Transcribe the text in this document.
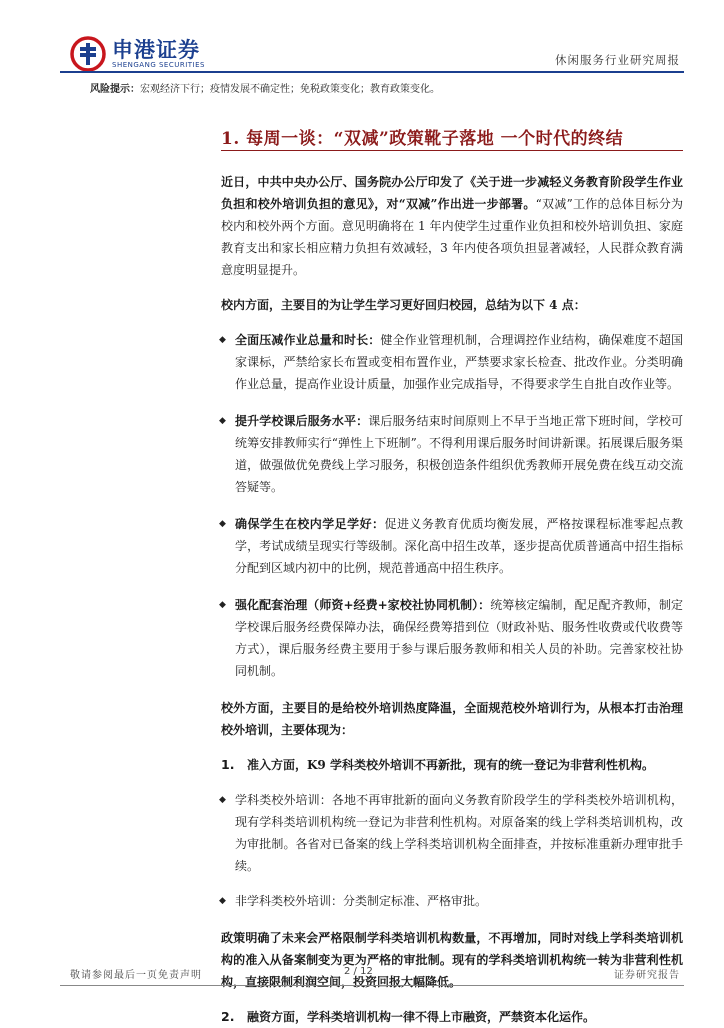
申港证券
SHENGANG SECURITIES	休闲服务行业研究周报
风险提示：宏观经济下行；疫情发展不确定性；免税政策变化；教育政策变化。
1. 每周一谈：“双减”政策靴子落地 一个时代的终结

近日，中共中央办公厅、国务院办公厅印发了《关于进一步减轻义务教育阶段学生作业负担和校外培训负担的意见》，对“双减”作出进一步部署。“双减”工作的总体目标分为校内和校外两个方面。意见明确将在 1 年内使学生过重作业负担和校外培训负担、家庭教育支出和家长相应精力负担有效减轻，3 年内使各项负担显著减轻，人民群众教育满意度明显提升。

校内方面，主要目的为让学生学习更好回归校园，总结为以下 4 点：

◆ 全面压减作业总量和时长：健全作业管理机制，合理调控作业结构，确保难度不超国家课标，严禁给家长布置或变相布置作业，严禁要求家长检查、批改作业。分类明确作业总量，提高作业设计质量，加强作业完成指导，不得要求学生自批自改作业等。

◆ 提升学校课后服务水平：课后服务结束时间原则上不早于当地正常下班时间，学校可统筹安排教师实行“弹性上下班制”。不得利用课后服务时间讲新课。拓展课后服务渠道，做强做优免费线上学习服务，积极创造条件组织优秀教师开展免费在线互动交流答疑等。

◆ 确保学生在校内学足学好：促进义务教育优质均衡发展，严格按课程标准零起点教学，考试成绩呈现实行等级制。深化高中招生改革，逐步提高优质普通高中招生指标分配到区域内初中的比例，规范普通高中招生秩序。

◆ 强化配套治理（师资+经费+家校社协同机制）：统筹核定编制，配足配齐教师，制定学校课后服务经费保障办法，确保经费筹措到位（财政补贴、服务性收费或代收费等方式），课后服务经费主要用于参与课后服务教师和相关人员的补助。完善家校社协同机制。

校外方面，主要目的是给校外培训热度降温，全面规范校外培训行为，从根本打击治理校外培训，主要体现为：

1. 准入方面，K9 学科类校外培训不再新批，现有的统一登记为非营利性机构。

◆ 学科类校外培训：各地不再审批新的面向义务教育阶段学生的学科类校外培训机构，现有学科类培训机构统一登记为非营利性机构。对原备案的线上学科类培训机构，改为审批制。各省对已备案的线上学科类培训机构全面排查，并按标准重新办理审批手续。

◆ 非学科类校外培训：分类制定标准、严格审批。

政策明确了未来会严格限制学科类培训机构数量，不再增加，同时对线上学科类培训机构的准入从备案制变为更为严格的审批制。现有的学科类培训机构统一转为非营利性机构，直接限制利润空间，投资回报大幅降低。

2. 融资方面，学科类培训机构一律不得上市融资，严禁资本化运作。

敬请参阅最后一页免责声明	2 / 12	证券研究报告
